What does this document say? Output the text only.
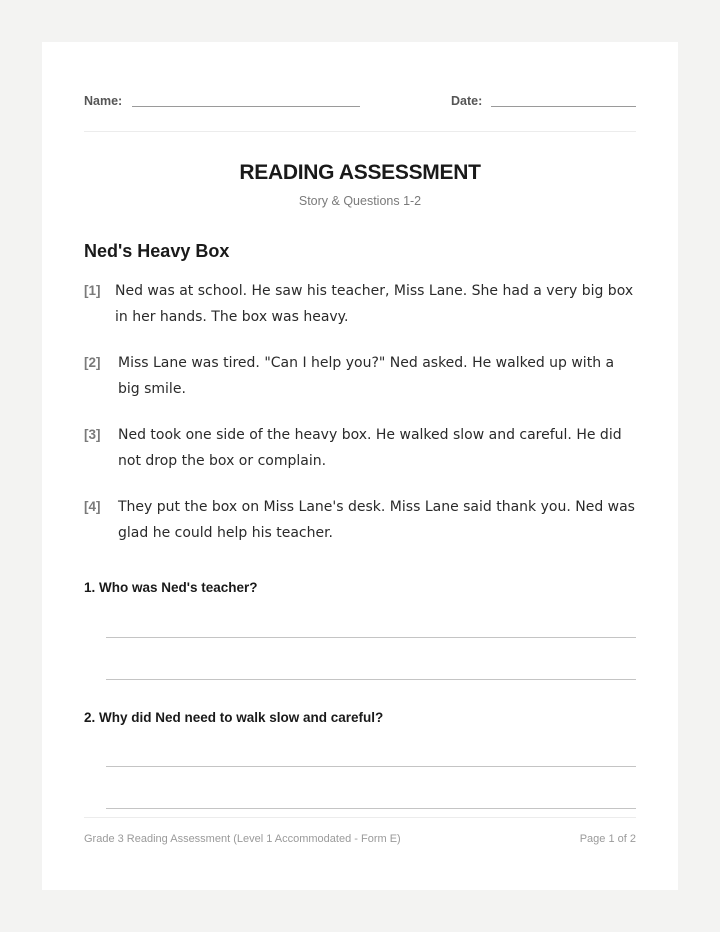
Name:	Date:
READING ASSESSMENT
Story & Questions 1-2
Ned's Heavy Box
[1]	Ned was at school. He saw his teacher, Miss Lane. She had a very big box in her hands. The box was heavy.
[2]	Miss Lane was tired. "Can I help you?" Ned asked. He walked up with a big smile.
[3]	Ned took one side of the heavy box. He walked slow and careful. He did not drop the box or complain.
[4]	They put the box on Miss Lane's desk. Miss Lane said thank you. Ned was glad he could help his teacher.
1. Who was Ned's teacher?
2. Why did Ned need to walk slow and careful?
Grade 3 Reading Assessment (Level 1 Accommodated - Form E)	Page 1 of 2
